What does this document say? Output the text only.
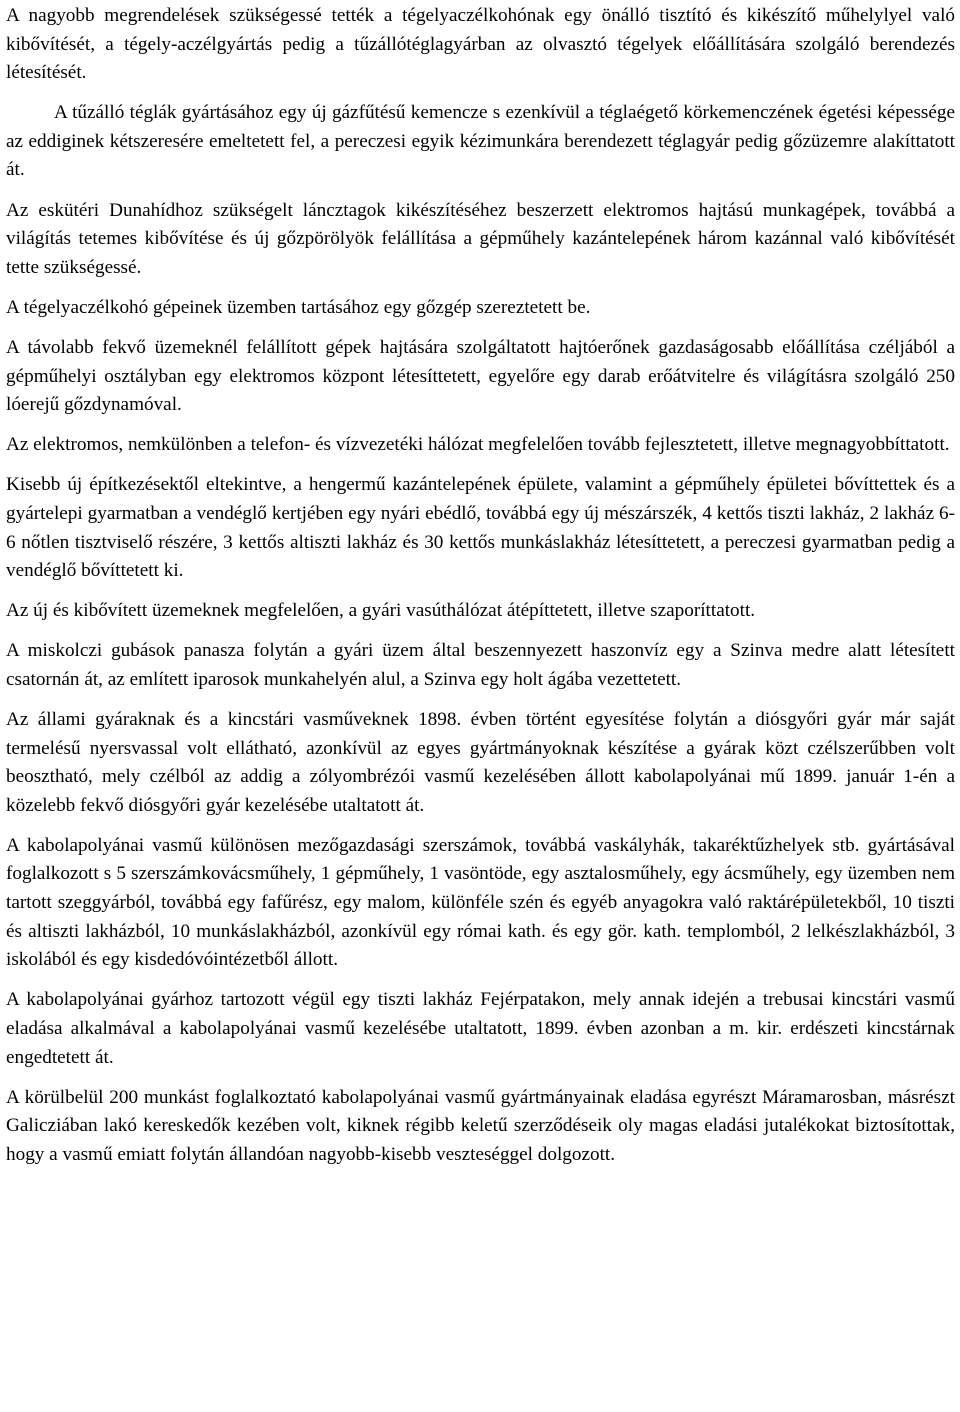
A nagyobb megrendelések szükségessé tették a tégelyaczélkohónak egy önálló tisztító és kikészítő műhelylyel való kibővítését, a tégely-aczélgyártás pedig a tűzállótéglagyárban az olvasztó tégelyek előállítására szolgáló berendezés létesítését.

A tűzálló téglák gyártásához egy új gázfűtésű kemencze s ezenkívül a téglaégető körkemenczének égetési képessége az eddiginek kétszeresére emeltetett fel, a pereczesi egyik kézimunkára berendezett téglagyár pedig gőzüzemre alakíttatott át.

Az eskütéri Dunahídhoz szükségelt láncztagok kikészítéséhez beszerzett elektromos hajtású munkagépek, továbbá a világítás tetemes kibővítése és új gőzpörölyök felállítása a gépműhely kazántelepének három kazánnal való kibővítését tette szükségessé.

A tégelyaczélkohó gépeinek üzemben tartásához egy gőzgép szereztetett be.

A távolabb fekvő üzemeknél felállított gépek hajtására szolgáltatott hajtóerőnek gazdaságosabb előállítása czéljából a gépműhelyi osztályban egy elektromos központ létesíttetett, egyelőre egy darab erőátvitelre és világításra szolgáló 250 lóerejű gőzdynamóval.

Az elektromos, nemkülönben a telefon- és vízvezetéki hálózat megfelelően tovább fejlesztetett, illetve megnagyobbíttatott.

Kisebb új építkezésektől eltekintve, a hengermű kazántelepének épülete, valamint a gépműhely épületei bővíttettek és a gyártelepi gyarmatban a vendéglő kertjében egy nyári ebédlő, továbbá egy új mészárszék, 4 kettős tiszti lakház, 2 lakház 6-6 nőtlen tisztviselő részére, 3 kettős altiszti lakház és 30 kettős munkáslakház létesíttetett, a pereczesi gyarmatban pedig a vendéglő bővíttetett ki.

Az új és kibővített üzemeknek megfelelően, a gyári vasúthálózat átépíttetett, illetve szaporíttatott.

A miskolczi gubások panasza folytán a gyári üzem által beszennyezett haszonvíz egy a Szinva medre alatt létesített csatornán át, az említett iparosok munkahelyén alul, a Szinva egy holt ágába vezettetett.

Az állami gyáraknak és a kincstári vasműveknek 1898. évben történt egyesítése folytán a diósgyőri gyár már saját termelésű nyersvassal volt ellátható, azonkívül az egyes gyártmányoknak készítése a gyárak közt czélszerűbben volt beosztható, mely czélból az addig a zólyombrézói vasmű kezelésében állott kabolapolyánai mű 1899. január 1-én a közelebb fekvő diósgyőri gyár kezelésébe utaltatott át.

A kabolapolyánai vasmű különösen mezőgazdasági szerszámok, továbbá vaskályhák, takaréktűzhelyek stb. gyártásával foglalkozott s 5 szerszámkovácsműhely, 1 gépműhely, 1 vasöntöde, egy asztalosműhely, egy ácsműhely, egy üzemben nem tartott szeggyárból, továbbá egy fafűrész, egy malom, különféle szén és egyéb anyagokra való raktárépületekből, 10 tiszti és altiszti lakházból, 10 munkáslakházból, azonkívül egy római kath. és egy gör. kath. templomból, 2 lelkészlakházból, 3 iskolából és egy kisdedóvóintézetből állott.

A kabolapolyánai gyárhoz tartozott végül egy tiszti lakház Fejérpatakon, mely annak idején a trebusai kincstári vasmű eladása alkalmával a kabolapolyánai vasmű kezelésébe utaltatott, 1899. évben azonban a m. kir. erdészeti kincstárnak engedtetett át.

A körülbelül 200 munkást foglalkoztató kabolapolyánai vasmű gyártmányainak eladása egyrészt Máramarosban, másrészt Galicziában lakó kereskedők kezében volt, kiknek régibb keletű szerződéseik oly magas eladási jutalékokat biztosítottak, hogy a vasmű emiatt folytán állandóan nagyobb-kisebb veszteséggel dolgozott.
